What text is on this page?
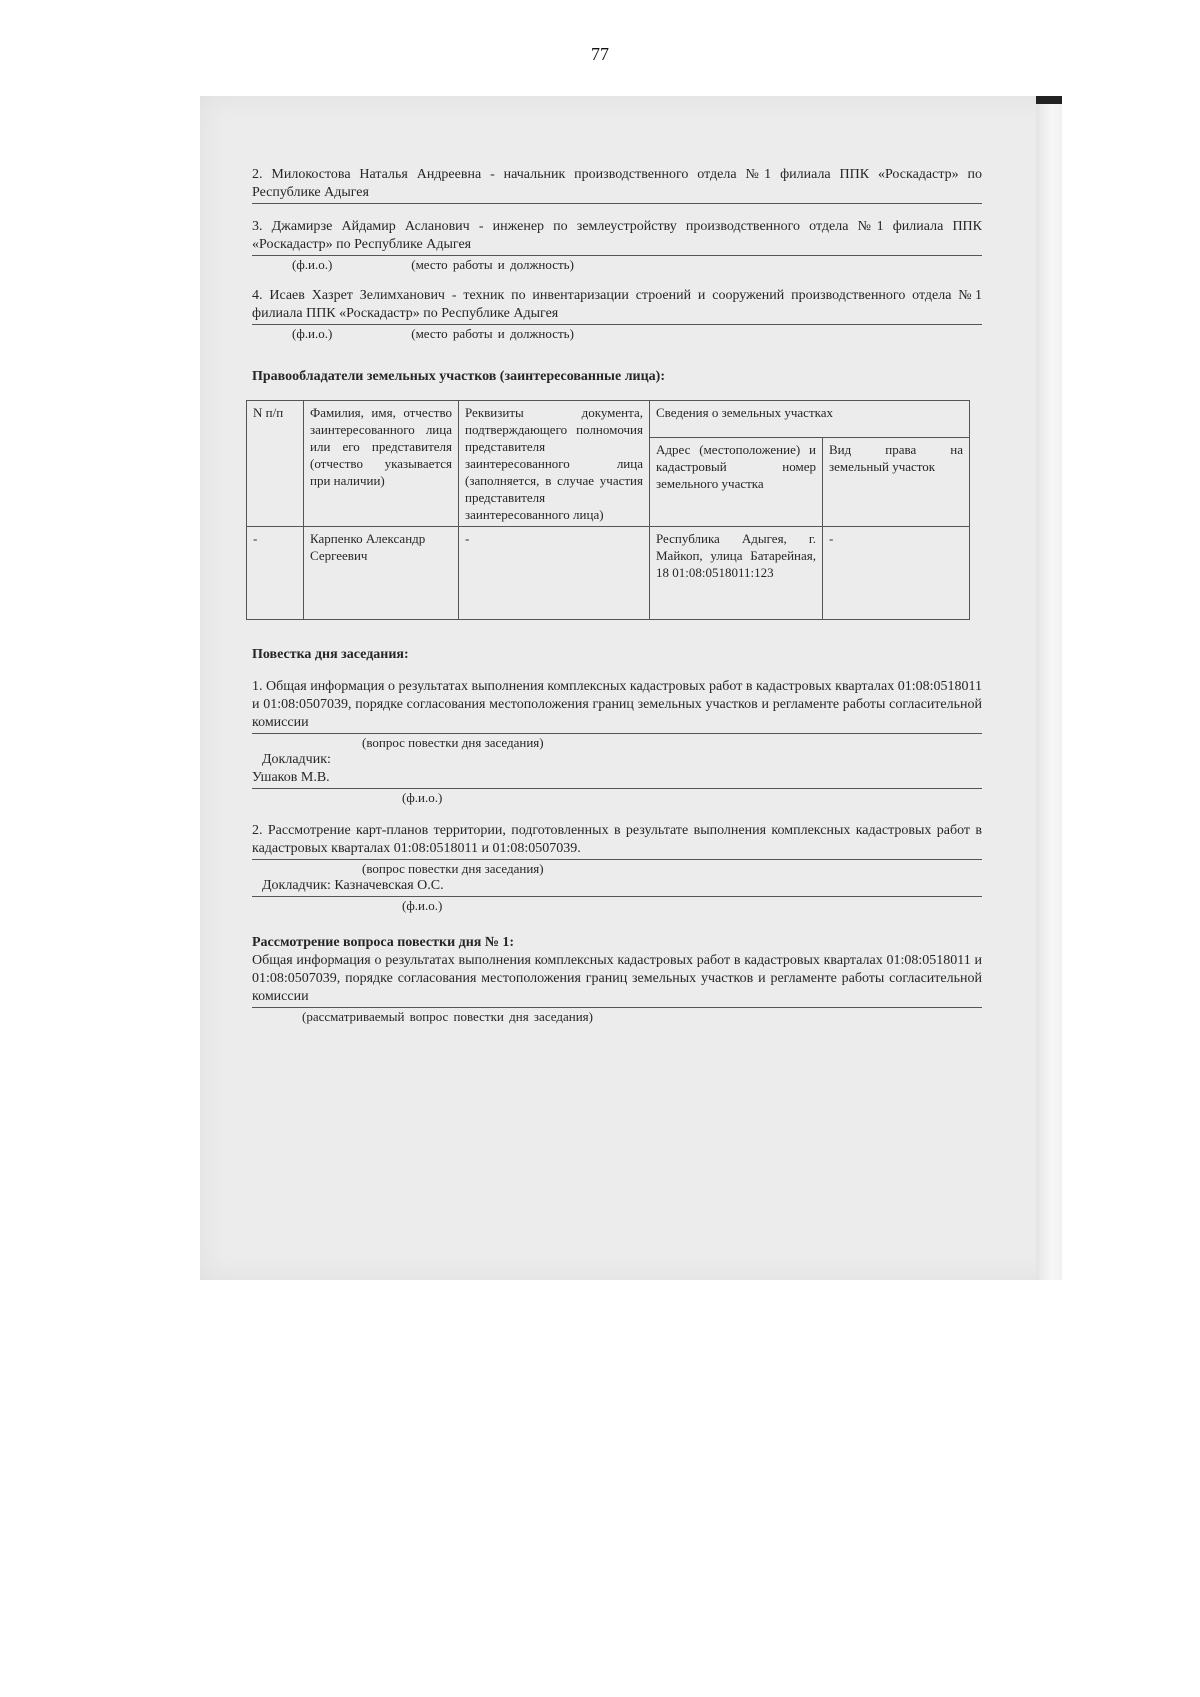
77
2. Милокостова Наталья Андреевна - начальник производственного отдела №1 филиала ППК «Роскадастр» по Республике Адыгея
3. Джамирзе Айдамир Асланович - инженер по землеустройству производственного отдела №1 филиала ППК «Роскадастр» по Республике Адыгея
(ф.и.о.)	(место работы и должность)
4. Исаев Хазрет Зелимханович - техник по инвентаризации строений и сооружений производственного отдела №1 филиала ППК «Роскадастр» по Республике Адыгея
(ф.и.о.)	(место работы и должность)
Правообладатели земельных участков (заинтересованные лица):
N п/п	Фамилия, имя, отчество заинтересованного лица или его представителя (отчество указывается при наличии)	Реквизиты документа, подтверждающего полномочия представителя заинтересованного лица (заполняется, в случае участия представителя заинтересованного лица)	Сведения о земельных участках	
			Адрес (местоположение) и кадастровый номер земельного участка	Вид права на земельный участок
-	Карпенко Александр Сергеевич	-	Республика Адыгея, г. Майкоп, улица Батарейная, 18 01:08:0518011:123	-
Повестка дня заседания:
1. Общая информация о результатах выполнения комплексных кадастровых работ в кадастровых кварталах 01:08:0518011 и 01:08:0507039, порядке согласования местоположения границ земельных участков и регламенте работы согласительной комиссии
(вопрос повестки дня заседания)
Докладчик:
Ушаков М.В.
(ф.и.о.)
2. Рассмотрение карт-планов территории, подготовленных в результате выполнения комплексных кадастровых работ в кадастровых кварталах 01:08:0518011 и 01:08:0507039.
(вопрос повестки дня заседания)
Докладчик: Казначевская О.С.
(ф.и.о.)
Рассмотрение вопроса повестки дня № 1:
Общая информация о результатах выполнения комплексных кадастровых работ в кадастровых кварталах 01:08:0518011 и 01:08:0507039, порядке согласования местоположения границ земельных участков и регламенте работы согласительной комиссии
(рассматриваемый вопрос повестки дня заседания)
